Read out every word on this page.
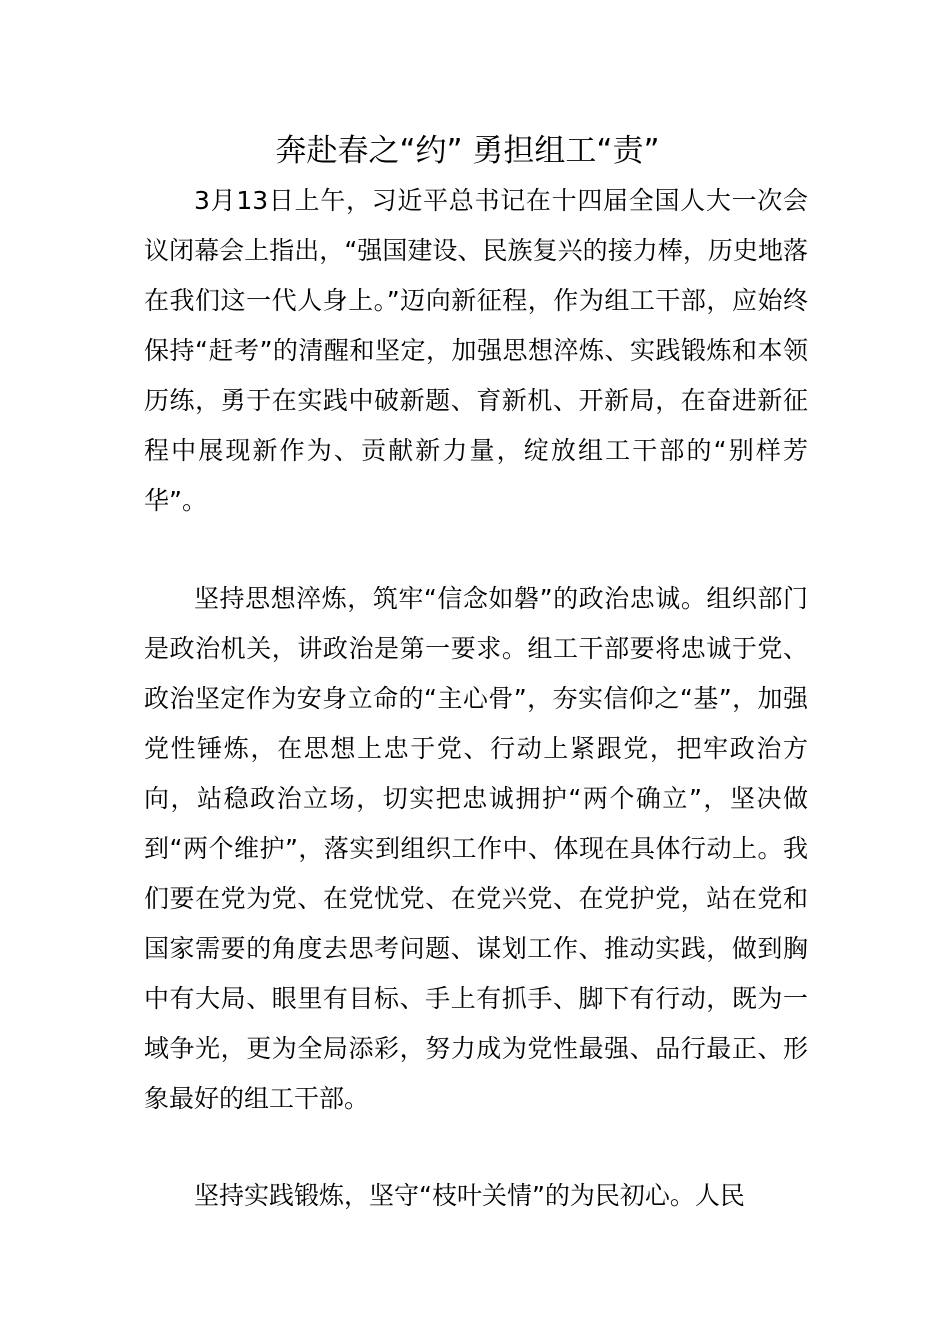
奔赴春之“约” 勇担组工“责”

3月13日上午，习近平总书记在十四届全国人大一次会议闭幕会上指出，“强国建设、民族复兴的接力棒，历史地落在我们这一代人身上。”迈向新征程，作为组工干部，应始终保持“赶考”的清醒和坚定，加强思想淬炼、实践锻炼和本领历练，勇于在实践中破新题、育新机、开新局，在奋进新征程中展现新作为、贡献新力量，绽放组工干部的“别样芳华”。

坚持思想淬炼，筑牢“信念如磐”的政治忠诚。组织部门是政治机关，讲政治是第一要求。组工干部要将忠诚于党、政治坚定作为安身立命的“主心骨”，夯实信仰之“基”，加强党性锤炼，在思想上忠于党、行动上紧跟党，把牢政治方向，站稳政治立场，切实把忠诚拥护“两个确立”，坚决做到“两个维护”，落实到组织工作中、体现在具体行动上。我们要在党为党、在党忧党、在党兴党、在党护党，站在党和国家需要的角度去思考问题、谋划工作、推动实践，做到胸中有大局、眼里有目标、手上有抓手、脚下有行动，既为一域争光，更为全局添彩，努力成为党性最强、品行最正、形象最好的组工干部。

坚持实践锻炼，坚守“枝叶关情”的为民初心。人民
